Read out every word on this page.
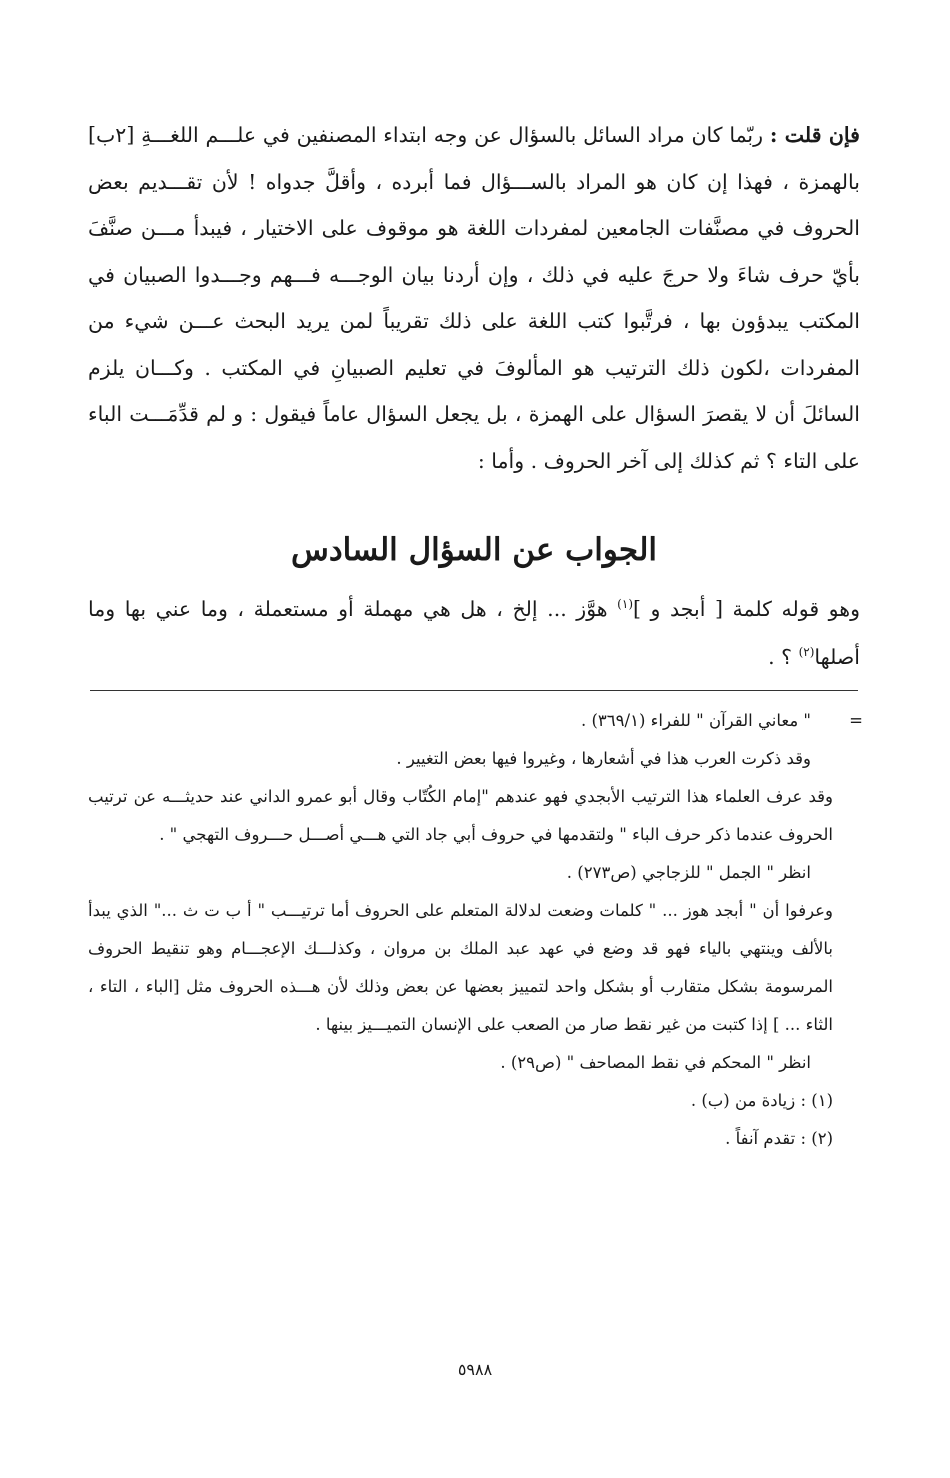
فإن قلت : ربّما كان مراد السائل بالسؤال عن وجه ابتداء المصنفين في علـــم اللغـــةِ [٢ب] بالهمزة ، فهذا إن كان هو المراد بالســـؤال فما أبرده ، وأقلَّ جدواه ! لأن تقـــديم بعض الحروف في مصنَّفات الجامعين لمفردات اللغة هو موقوف على الاختيار ، فيبدأ مـــن صنَّفَ بأيّ حرف شاءَ ولا حرجَ عليه في ذلك ، وإن أردنا بيان الوجـــه فـــهم وجـــدوا الصبيان في المكتب يبدؤون بها ، فرتَّبوا كتب اللغة على ذلك تقريباً لمن يريد البحث عـــن شيء من المفردات ،لكون ذلك الترتيب هو المألوفَ في تعليم الصبيانِ في المكتب . وكـــان يلزم السائلَ أن لا يقصرَ السؤال على الهمزة ، بل يجعل السؤال عاماً فيقول : و لم قدِّمَـــت الباء على التاء ؟ ثم كذلك إلى آخر الحروف . وأما :
الجواب عن السؤال السادس
وهو قوله كلمة [ أبجد و ]$^{(١)}$ هوَّز ... إلخ ، هل هي مهملة أو مستعملة ، وما عني بها وما أصلها$^{(٢)}$ ؟ .

=
" معاني القرآن " للفراء (٣٦٩/١) .

وقد ذكرت العرب هذا في أشعارها ، وغيروا فيها بعض التغيير .

وقد عرف العلماء هذا الترتيب الأبجدي فهو عندهم "إمام الكُتّاب وقال أبو عمرو الداني عند حديثـــه عن ترتيب الحروف عندما ذكر حرف الباء " ولتقدمها في حروف أبي جاد التي هـــي أصـــل حـــروف التهجي " .

انظر " الجمل " للزجاجي (ص٢٧٣) .

وعرفوا أن " أبجد هوز ... " كلمات وضعت لدلالة المتعلم على الحروف أما ترتيـــب " أ ب ت ث ..." الذي يبدأ بالألف وينتهي بالياء فهو قد وضع في عهد عبد الملك بن مروان ، وكذلـــك الإعجـــام وهو تنقيط الحروف المرسومة بشكل متقارب أو بشكل واحد لتمييز بعضها عن بعض وذلك لأن هـــذه الحروف مثل [الباء ، التاء ، الثاء ... ] إذا كتبت من غير نقط صار من الصعب على الإنسان التميـــيز بينها .

انظر " المحكم في نقط المصاحف " (ص٢٩) .

(١) : زيادة من (ب) .

(٢) : تقدم آنفاً .

٥٩٨٨
